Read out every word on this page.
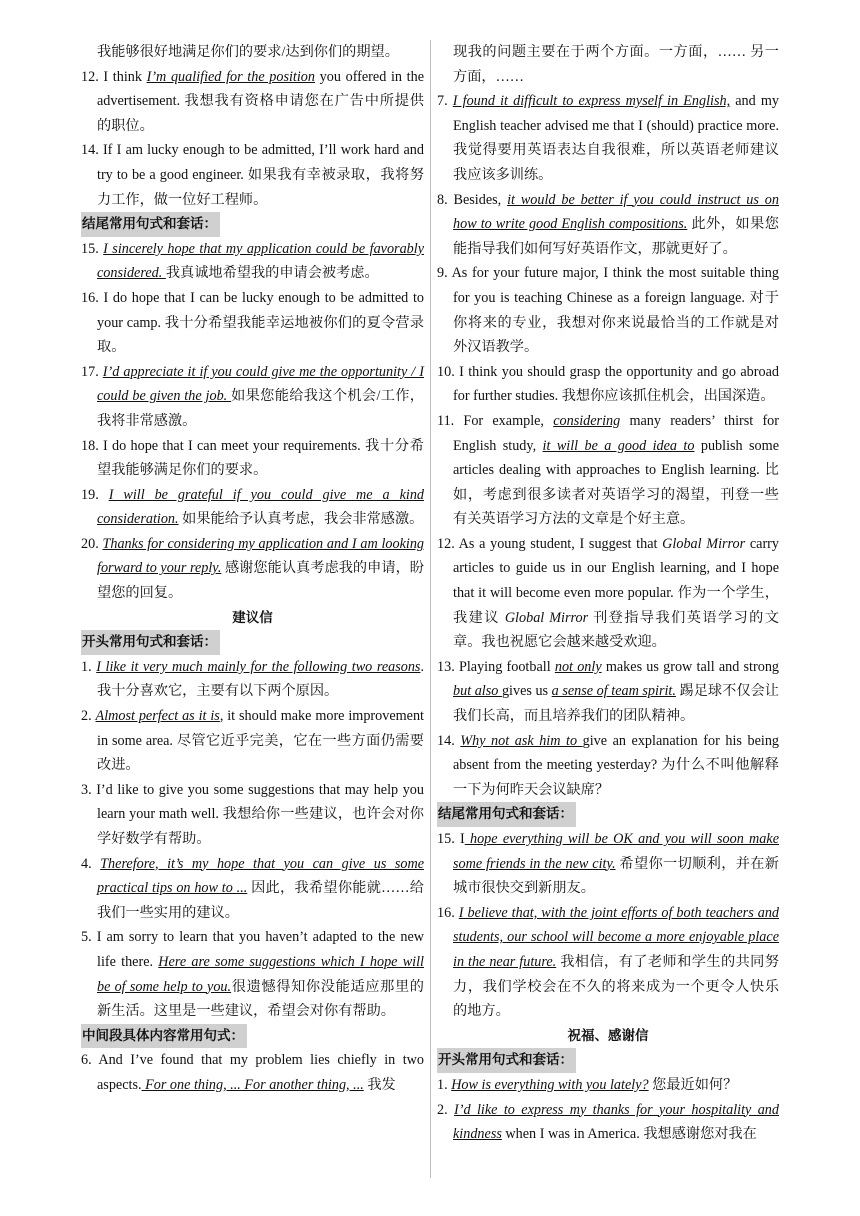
我能够很好地满足你们的要求/达到你们的期望。

12. I think I’m qualified for the position you offered in the advertisement. 我想我有资格申请您在广告中所提供的职位。

14. If I am lucky enough to be admitted, I’ll work hard and try to be a good engineer. 如果我有幸被录取，我将努力工作，做一位好工程师。

结尾常用句式和套话：

15. I sincerely hope that my application could be favorably considered. 我真诚地希望我的申请会被考虑。

16. I do hope that I can be lucky enough to be admitted to your camp. 我十分希望我能幸运地被你们的夏令营录取。

17. I’d appreciate it if you could give me the opportunity / I could be given the job. 如果您能给我这个机会/工作，我将非常感激。

18. I do hope that I can meet your requirements. 我十分希望我能够满足你们的要求。

19. I will be grateful if you could give me a kind consideration. 如果能给予认真考虑，我会非常感激。

20. Thanks for considering my application and I am looking forward to your reply. 感谢您能认真考虑我的申请，盼望您的回复。

建议信
开头常用句式和套话：

1. I like it very much mainly for the following two reasons. 我十分喜欢它，主要有以下两个原因。

2. Almost perfect as it is, it should make more improvement in some area. 尽管它近乎完美，它在一些方面仍需要改进。

3. I’d like to give you some suggestions that may help you learn your math well. 我想给你一些建议，也许会对你学好数学有帮助。

4. Therefore, it’s my hope that you can give us some practical tips on how to ... 因此，我希望你能就……给我们一些实用的建议。

5. I am sorry to learn that you haven’t adapted to the new life there. Here are some suggestions which I hope will be of some help to you.很遗憾得知你没能适应那里的新生活。这里是一些建议，希望会对你有帮助。

中间段具体内容常用句式：

6. And I’ve found that my problem lies chiefly in two aspects. For one thing, ... For another thing, ... 我发

现我的问题主要在于两个方面。一方面，…… 另一方面，……

7. I found it difficult to express myself in English, and my English teacher advised me that I (should) practice more. 我觉得要用英语表达自我很难，所以英语老师建议我应该多训练。

8. Besides, it would be better if you could instruct us on how to write good English compositions. 此外，如果您能指导我们如何写好英语作文，那就更好了。

9. As for your future major, I think the most suitable thing for you is teaching Chinese as a foreign language. 对于你将来的专业，我想对你来说最恰当的工作就是对外汉语教学。

10. I think you should grasp the opportunity and go abroad for further studies. 我想你应该抓住机会，出国深造。

11. For example, considering many readers’ thirst for English study, it will be a good idea to publish some articles dealing with approaches to English learning. 比如，考虑到很多读者对英语学习的渴望，刊登一些有关英语学习方法的文章是个好主意。

12. As a young student, I suggest that Global Mirror carry articles to guide us in our English learning, and I hope that it will become even more popular. 作为一个学生，我建议 Global Mirror 刊登指导我们英语学习的文章。我也祝愿它会越来越受欢迎。

13. Playing football not only makes us grow tall and strong but also gives us a sense of team spirit. 踢足球不仅会让我们长高，而且培养我们的团队精神。

14. Why not ask him to give an explanation for his being absent from the meeting yesterday? 为什么不叫他解释一下为何昨天会议缺席？

结尾常用句式和套话：

15. I hope everything will be OK and you will soon make some friends in the new city. 希望你一切顺利，并在新城市很快交到新朋友。

16. I believe that, with the joint efforts of both teachers and students, our school will become a more enjoyable place in the near future. 我相信，有了老师和学生的共同努力，我们学校会在不久的将来成为一个更令人快乐的地方。

祝福、感谢信
开头常用句式和套话：

1. How is everything with you lately? 您最近如何？

2. I’d like to express my thanks for your hospitality and kindness when I was in America. 我想感谢您对我在
